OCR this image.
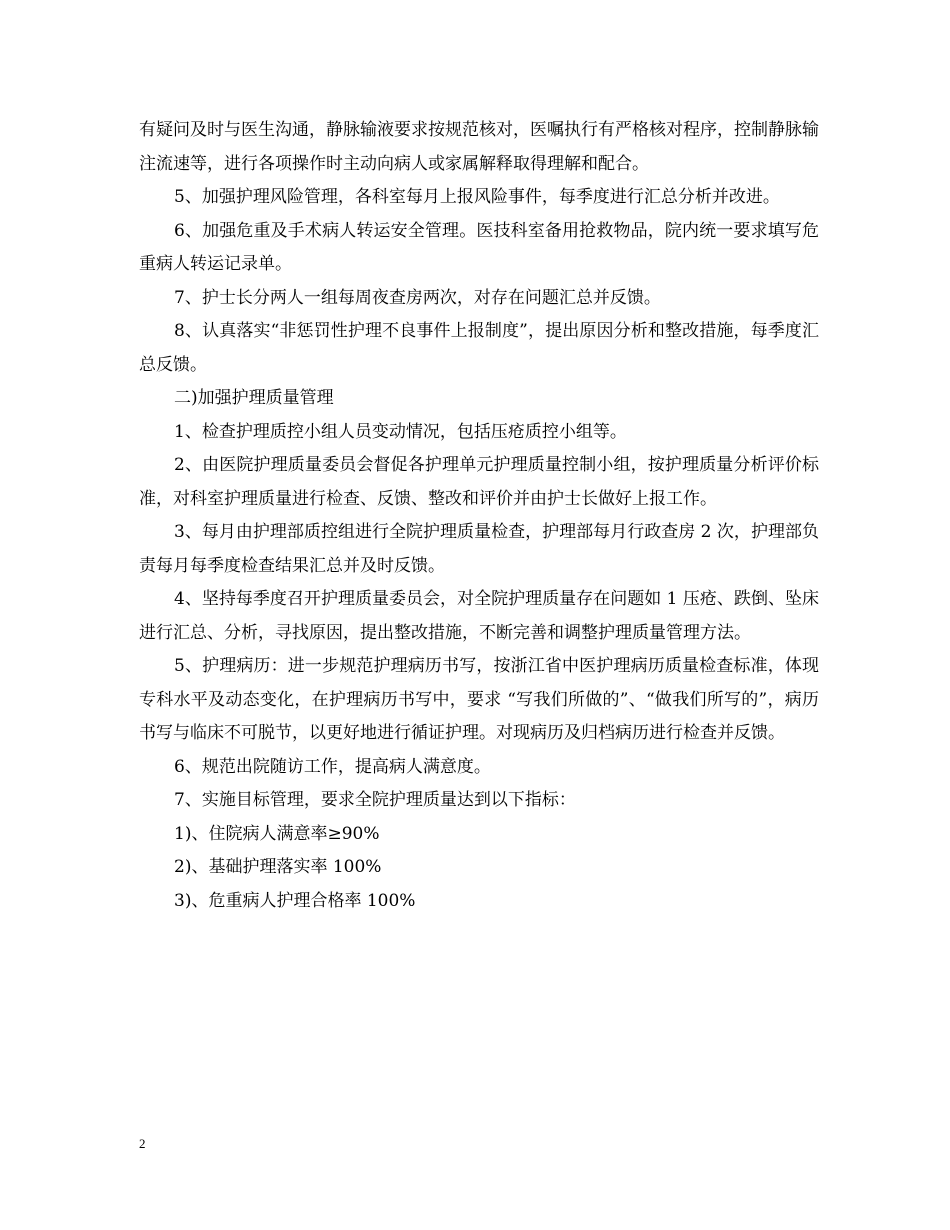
有疑问及时与医生沟通，静脉输液要求按规范核对，医嘱执行有严格核对程序，控制静脉输注流速等，进行各项操作时主动向病人或家属解释取得理解和配合。

5、加强护理风险管理，各科室每月上报风险事件，每季度进行汇总分析并改进。

6、加强危重及手术病人转运安全管理。医技科室备用抢救物品，院内统一要求填写危重病人转运记录单。

7、护士长分两人一组每周夜查房两次，对存在问题汇总并反馈。

8、认真落实“非惩罚性护理不良事件上报制度”，提出原因分析和整改措施，每季度汇总反馈。

二)加强护理质量管理

1、检查护理质控小组人员变动情况，包括压疮质控小组等。

2、由医院护理质量委员会督促各护理单元护理质量控制小组，按护理质量分析评价标准，对科室护理质量进行检查、反馈、整改和评价并由护士长做好上报工作。

3、每月由护理部质控组进行全院护理质量检查，护理部每月行政查房 2 次，护理部负责每月每季度检查结果汇总并及时反馈。

4、坚持每季度召开护理质量委员会，对全院护理质量存在问题如 1 压疮、跌倒、坠床进行汇总、分析，寻找原因，提出整改措施，不断完善和调整护理质量管理方法。

5、护理病历：进一步规范护理病历书写，按浙江省中医护理病历质量检查标准，体现专科水平及动态变化，在护理病历书写中，要求 “写我们所做的”、“做我们所写的”，病历书写与临床不可脱节，以更好地进行循证护理。对现病历及归档病历进行检查并反馈。

6、规范出院随访工作，提高病人满意度。

7、实施目标管理，要求全院护理质量达到以下指标：

1)、住院病人满意率≥90%

2)、基础护理落实率 100%

3)、危重病人护理合格率 100%

2
